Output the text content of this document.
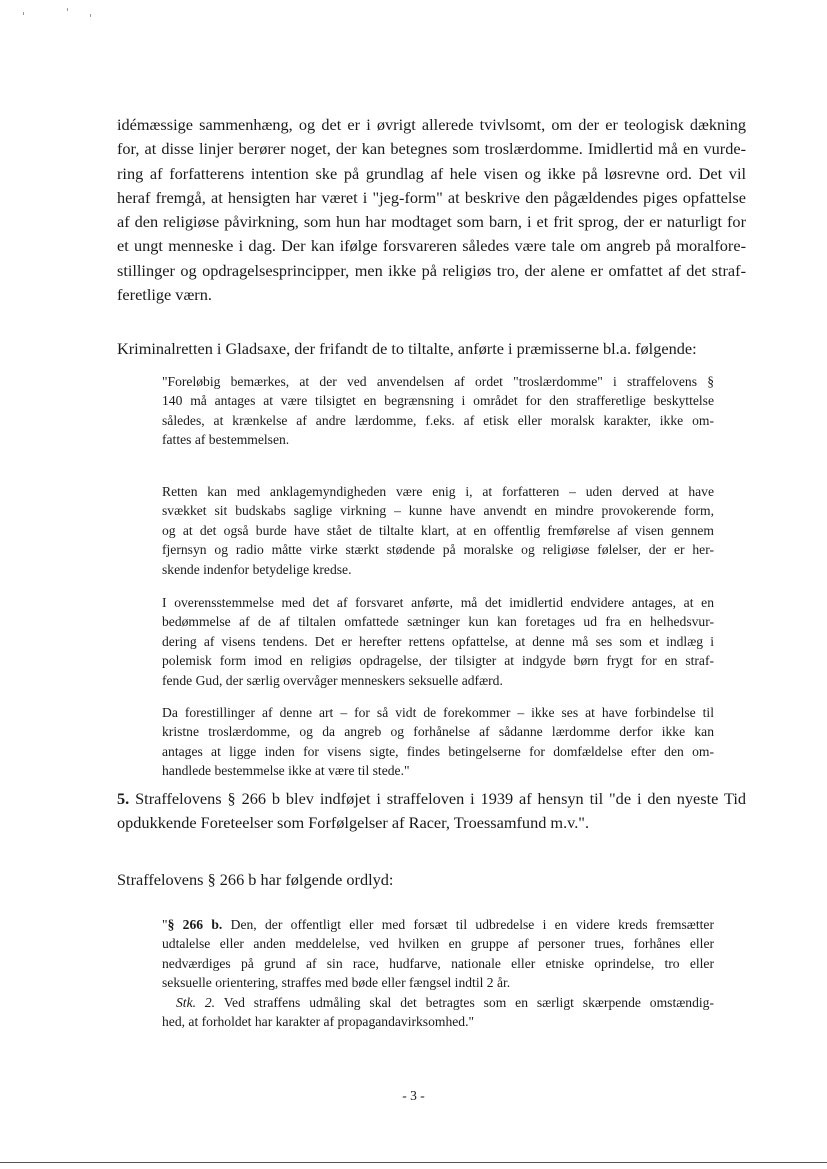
idémæssige sammenhæng, og det er i øvrigt allerede tvivlsomt, om der er teologisk dækning
for, at disse linjer berører noget, der kan betegnes som troslærdomme. Imidlertid må en vurde-
ring af forfatterens intention ske på grundlag af hele visen og ikke på løsrevne ord. Det vil
heraf fremgå, at hensigten har været i "jeg-form" at beskrive den pågældendes piges opfattelse
af den religiøse påvirkning, som hun har modtaget som barn, i et frit sprog, der er naturligt for
et ungt menneske i dag. Der kan ifølge forsvareren således være tale om angreb på moralfore-
stillinger og opdragelsesprincipper, men ikke på religiøs tro, der alene er omfattet af det straf-
feretlige værn.
Kriminalretten i Gladsaxe, der frifandt de to tiltalte, anførte i præmisserne bl.a. følgende:
"Foreløbig bemærkes, at der ved anvendelsen af ordet "troslærdomme" i straffelovens §
140 må antages at være tilsigtet en begrænsning i området for den strafferetlige beskyttelse
således, at krænkelse af andre lærdomme, f.eks. af etisk eller moralsk karakter, ikke om-
fattes af bestemmelsen.
Retten kan med anklagemyndigheden være enig i, at forfatteren – uden derved at have
svækket sit budskabs saglige virkning – kunne have anvendt en mindre provokerende form,
og at det også burde have stået de tiltalte klart, at en offentlig fremførelse af visen gennem
fjernsyn og radio måtte virke stærkt stødende på moralske og religiøse følelser, der er her-
skende indenfor betydelige kredse.
I overensstemmelse med det af forsvaret anførte, må det imidlertid endvidere antages, at en
bedømmelse af de af tiltalen omfattede sætninger kun kan foretages ud fra en helhedsvur-
dering af visens tendens. Det er herefter rettens opfattelse, at denne må ses som et indlæg i
polemisk form imod en religiøs opdragelse, der tilsigter at indgyde børn frygt for en straf-
fende Gud, der særlig overvåger menneskers seksuelle adfærd.
Da forestillinger af denne art – for så vidt de forekommer – ikke ses at have forbindelse til
kristne troslærdomme, og da angreb og forhånelse af sådanne lærdomme derfor ikke kan
antages at ligge inden for visens sigte, findes betingelserne for domfældelse efter den om-
handlede bestemmelse ikke at være til stede."
5. Straffelovens § 266 b blev indføjet i straffeloven i 1939 af hensyn til "de i den nyeste Tid
opdukkende Foreteelser som Forfølgelser af Racer, Troessamfund m.v.".
Straffelovens § 266 b har følgende ordlyd:
"§ 266 b. Den, der offentligt eller med forsæt til udbredelse i en videre kreds fremsætter
udtalelse eller anden meddelelse, ved hvilken en gruppe af personer trues, forhånes eller
nedværdiges på grund af sin race, hudfarve, nationale eller etniske oprindelse, tro eller
seksuelle orientering, straffes med bøde eller fængsel indtil 2 år.
Stk. 2. Ved straffens udmåling skal det betragtes som en særligt skærpende omstændig-
hed, at forholdet har karakter af propagandavirksomhed."
- 3 -
